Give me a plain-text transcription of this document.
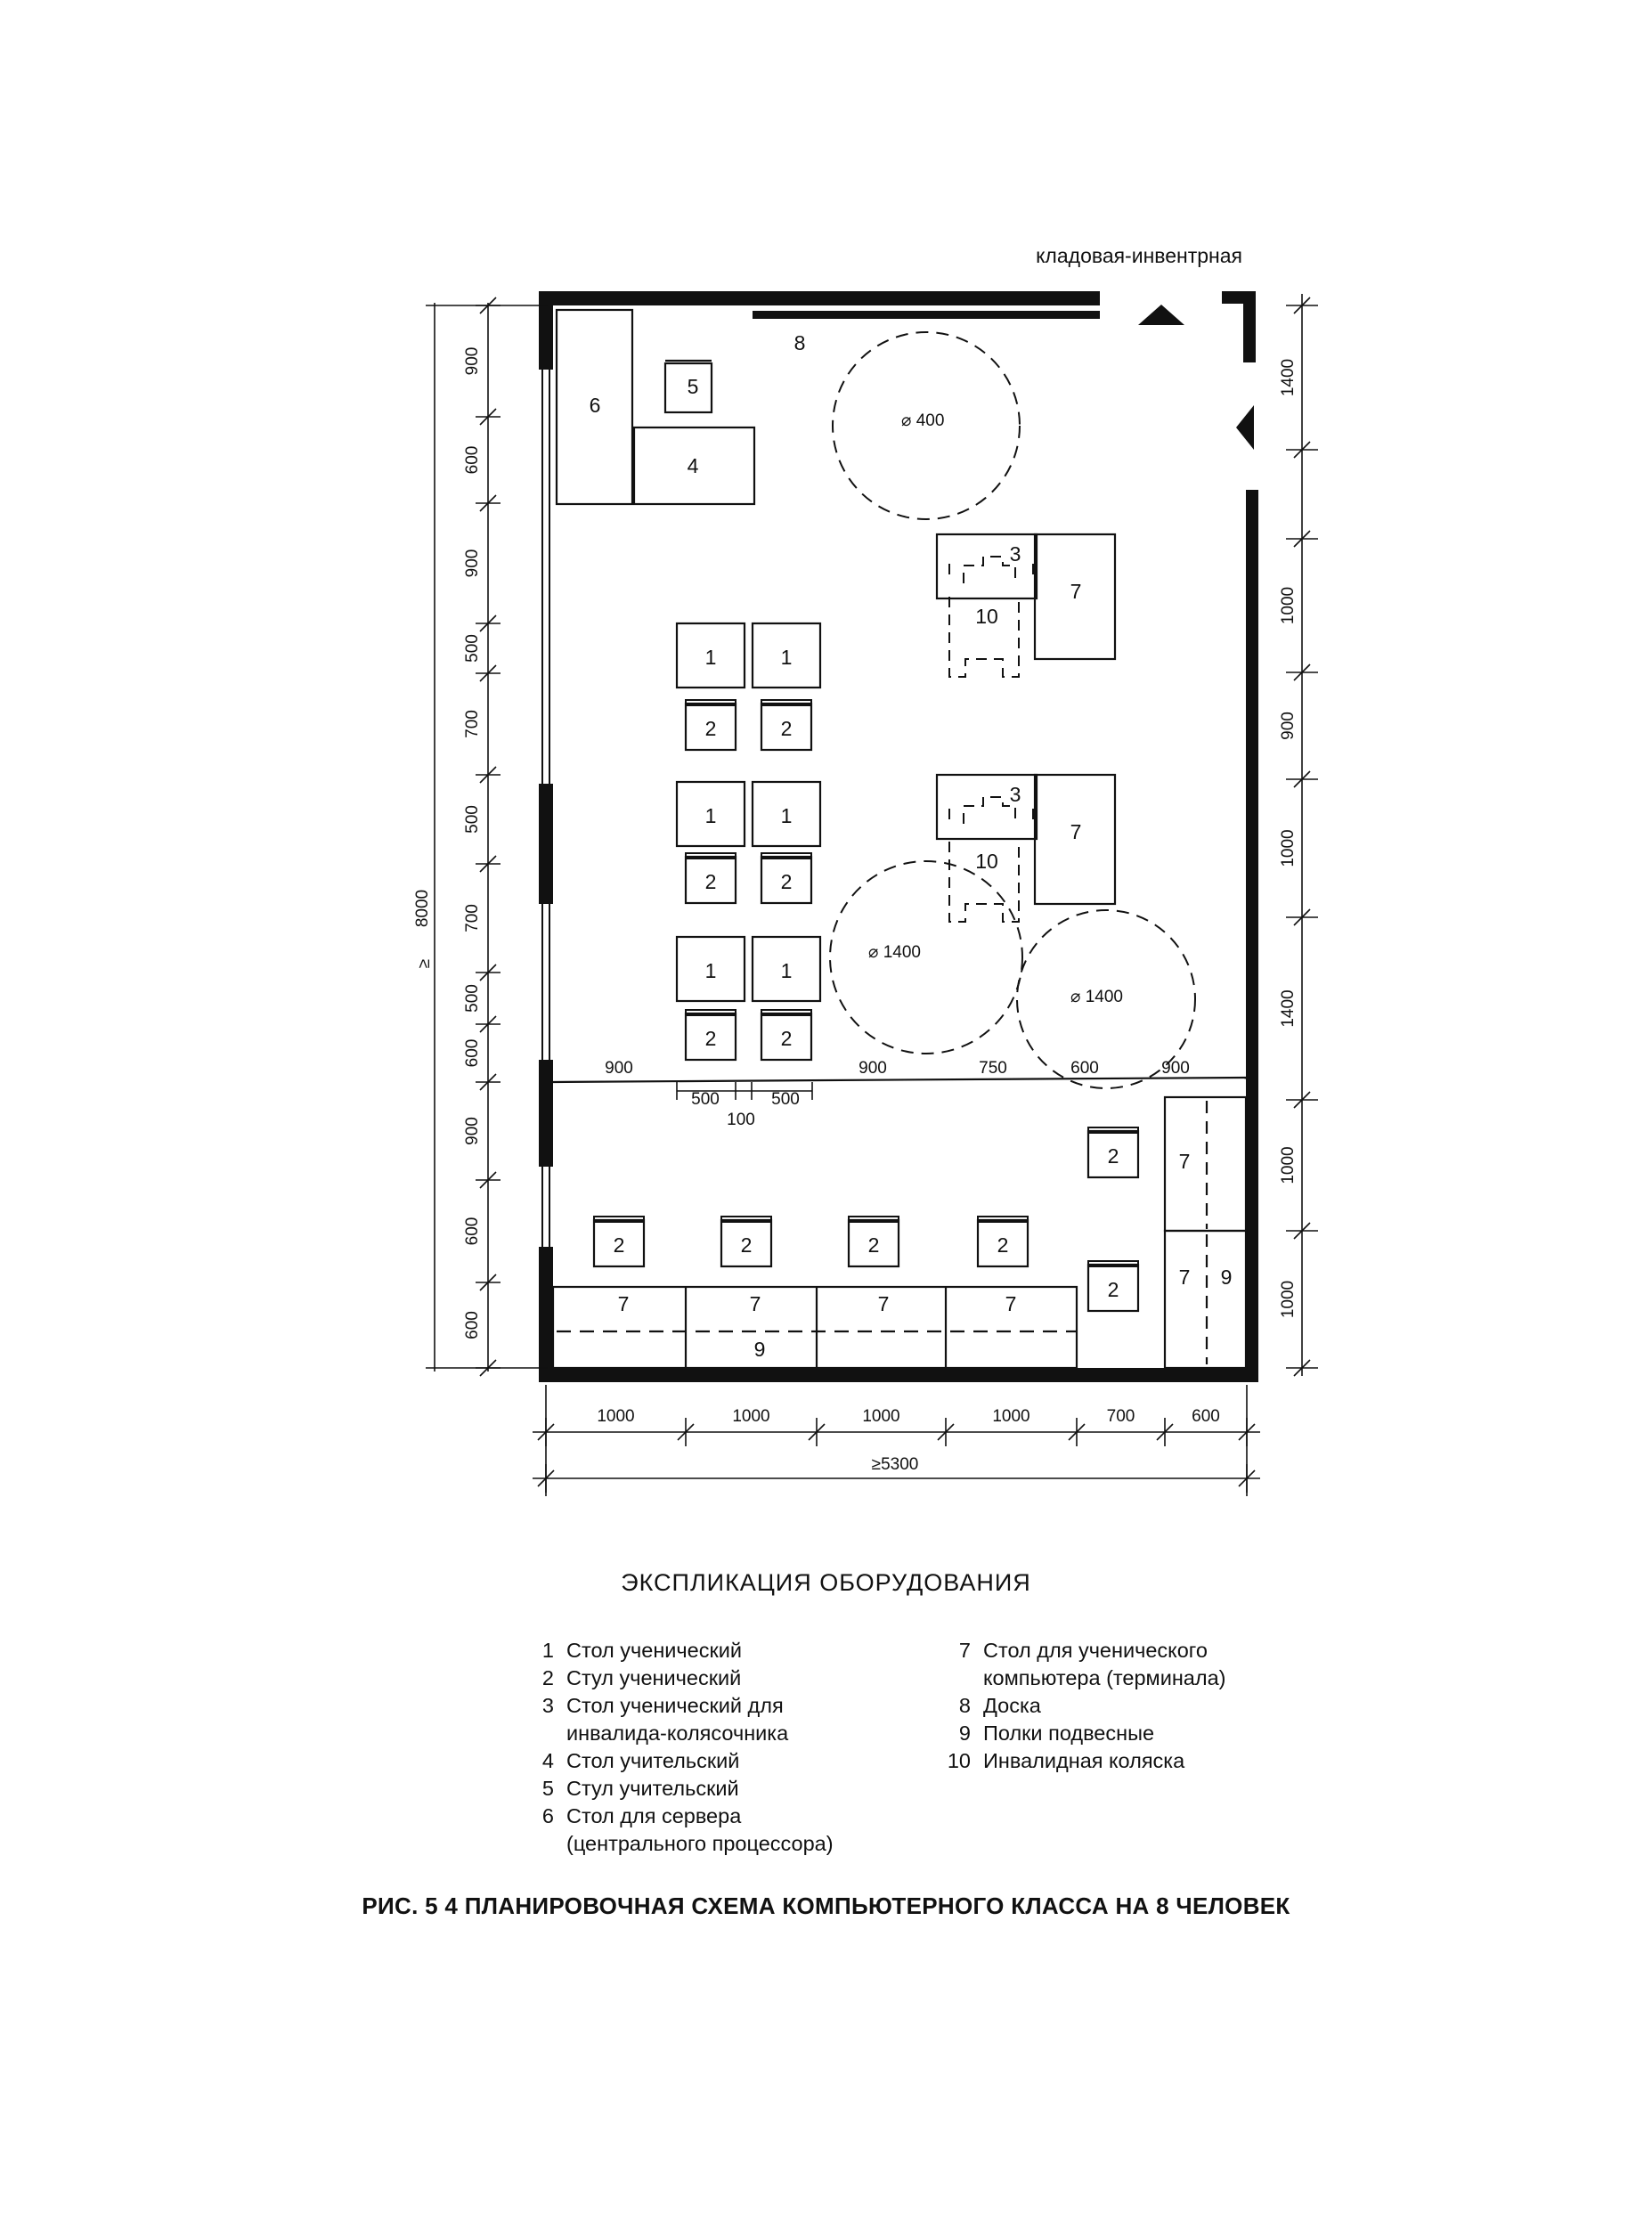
кладовая-инвентрная
8
6
5
4
⌀ 400
⌀ 1400
⌀ 1400
1	1
1	1
1	1
2	2
2	2
2	2
2	2	2	2
2
2
3
7
10
3
7
10
7	7	7	7
7
7
900
600
900
500
700
500
700
500
600
900
600
600
8000
≥
1400
1000
900
1000
1400
1000
1000
1000	1000	1000	1000	700	600
≥5300
900
500
100
500
900	750	600	900
9
9
ЭКСПЛИКАЦИЯ ОБОРУДОВАНИЯ
1 Стол ученический
2 Стул ученический
3 Стол ученический для
инвалида-колясочника
4 Стол учительский
5 Стул учительский
6 Стол для сервера
(центрального процессора)
7 Стол для ученического
компьютера (терминала)
8 Доска
9 Полки подвесные
10 Инвалидная коляска
РИС. 5 4 ПЛАНИРОВОЧНАЯ СХЕМА КОМПЬЮТЕРНОГО КЛАССА НА 8 ЧЕЛОВЕК
